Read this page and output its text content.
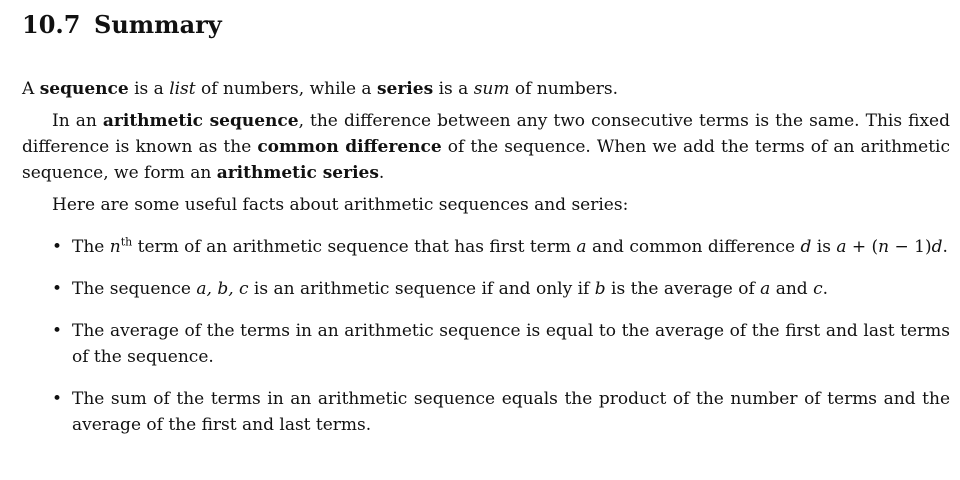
10.7 Summary

A sequence is a list of numbers, while a series is a sum of numbers.

In an arithmetic sequence, the difference between any two consecutive terms is the same. This fixed difference is known as the common difference of the sequence. When we add the terms of an arithmetic sequence, we form an arithmetic series.

Here are some useful facts about arithmetic sequences and series:

• The $n^{th}$ term of an arithmetic sequence that has first term a and common difference d is a + (n − 1)d.
• The sequence a, b, c is an arithmetic sequence if and only if b is the average of a and c.
• The average of the terms in an arithmetic sequence is equal to the average of the first and last terms of the sequence.
• The sum of the terms in an arithmetic sequence equals the product of the number of terms and the average of the first and last terms.
